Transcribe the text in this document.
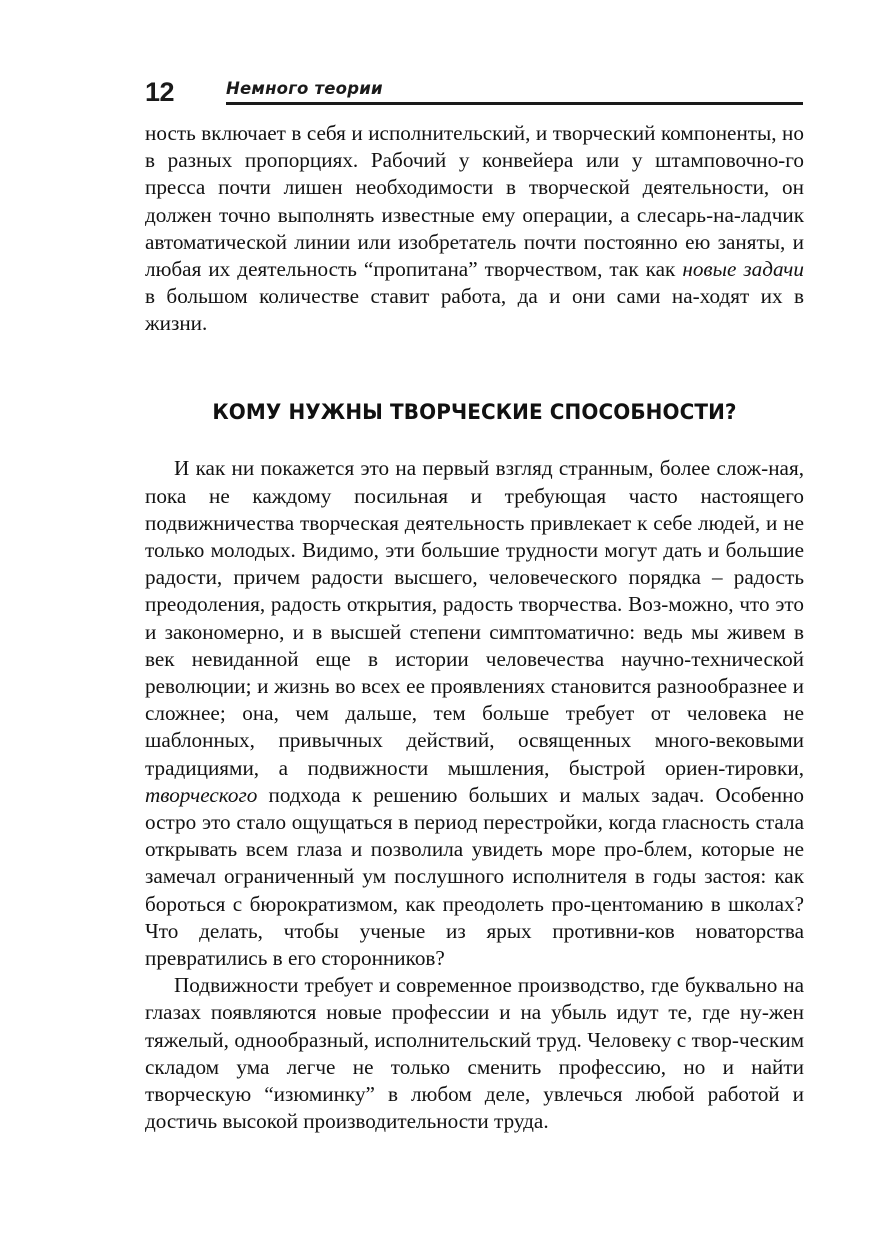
12	Немного теории

ность включает в себя и исполнительский, и творческий компоненты, но в разных пропорциях. Рабочий у конвейера или у штамповочно-​го пресса почти лишен необходимости в творческой деятельности, он должен точно выполнять известные ему операции, а слесарь-​на-​ладчик автоматической линии или изобретатель почти постоянно ею заняты, и любая их деятельность “пропитана” творчеством, так как новые задачи в большом количестве ставит работа, да и они сами на-​ходят их в жизни.

КОМУ НУЖНЫ ТВОРЧЕСКИЕ СПОСОБНОСТИ?

И как ни покажется это на первый взгляд странным, более слож-​ная, пока не каждому посильная и требующая часто настоящего подвижничества творческая деятельность привлекает к себе людей, и не только молодых. Видимо, эти большие трудности могут дать и большие радости, причем радости высшего, человеческого порядка – радость преодоления, радость открытия, радость творчества. Воз-​можно, что это и закономерно, и в высшей степени симптоматично: ведь мы живем в век невиданной еще в истории человечества научно-​технической революции; и жизнь во всех ее проявлениях становится разнообразнее и сложнее; она, чем дальше, тем больше требует от человека не шаблонных, привычных действий, освященных много-​вековыми традициями, а подвижности мышления, быстрой ориен-​тировки, творческого подхода к решению больших и малых задач. Особенно остро это стало ощущаться в период перестройки, когда гласность стала открывать всем глаза и позволила увидеть море про-​блем, которые не замечал ограниченный ум послушного исполнителя в годы застоя: как бороться с бюрократизмом, как преодолеть про-​центоманию в школах? Что делать, чтобы ученые из ярых противни-​ков новаторства превратились в его сторонников?

Подвижности требует и современное производство, где буквально на глазах появляются новые профессии и на убыль идут те, где ну-​жен тяжелый, однообразный, исполнительский труд. Человеку с твор-​ческим складом ума легче не только сменить профессию, но и найти творческую “изюминку” в любом деле, увлечься любой работой и достичь высокой производительности труда.
